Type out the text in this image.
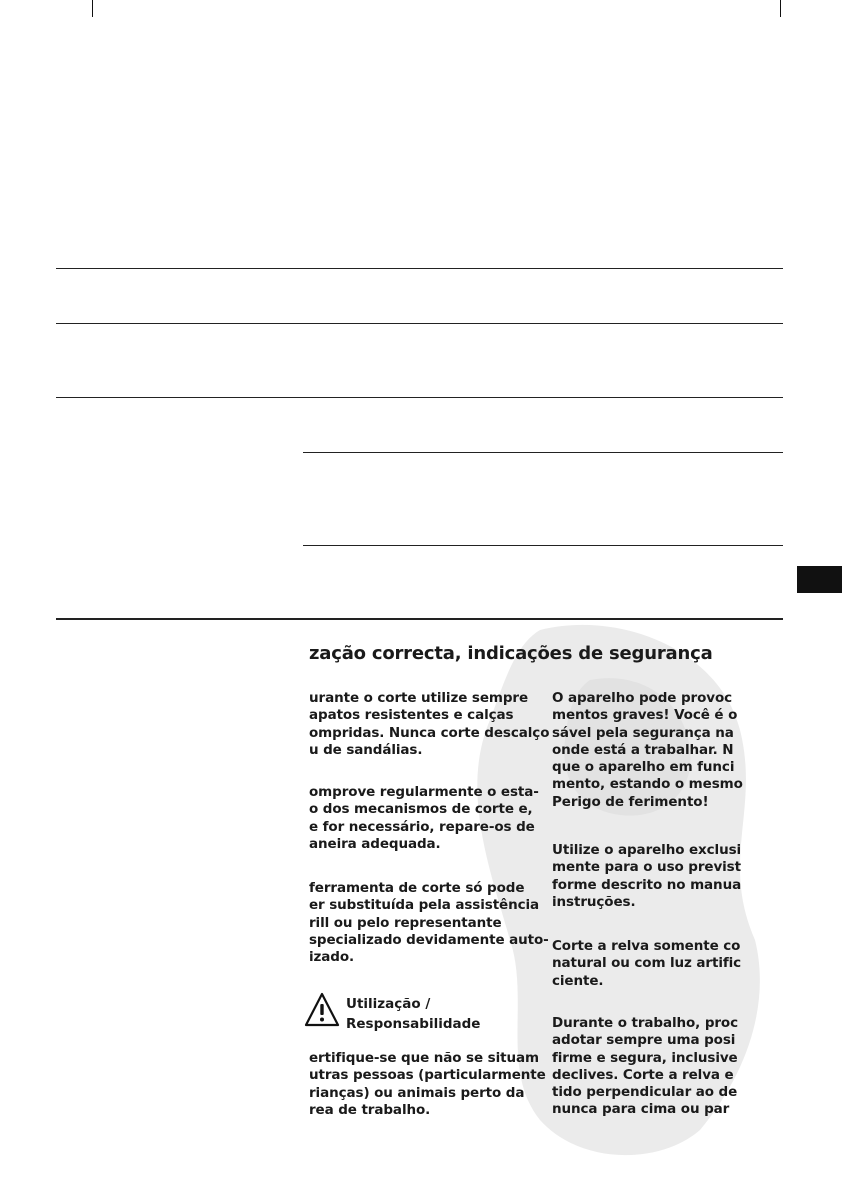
zação correcta, indicações de segurança
urante o corte utilize sempre
apatos resistentes e calças
ompridas. Nunca corte descalço
u de sandálias.
omprove regularmente o esta-
o dos mecanismos de corte e,
e for necessário, repare-os de
aneira adequada.
ferramenta de corte só pode
er substituída pela assistência
rill ou pelo representante
specializado devidamente auto-
izado.
Utilização /
Responsabilidade
ertifique-se que não se situam
utras pessoas (particularmente
rianças) ou animais perto da
rea de trabalho.
O aparelho pode provoc
mentos graves! Você é o
sável pela segurança na
onde está a trabalhar. N
que o aparelho em funci
mento, estando o mesmo
Perigo de ferimento!
Utilize o aparelho exclusi
mente para o uso previst
forme descrito no manua
instruções.
Corte a relva somente co
natural ou com luz artific
ciente.
Durante o trabalho, proc
adotar sempre uma posi
firme e segura, inclusive
declives. Corte a relva e
tido perpendicular ao de
nunca para cima ou par
